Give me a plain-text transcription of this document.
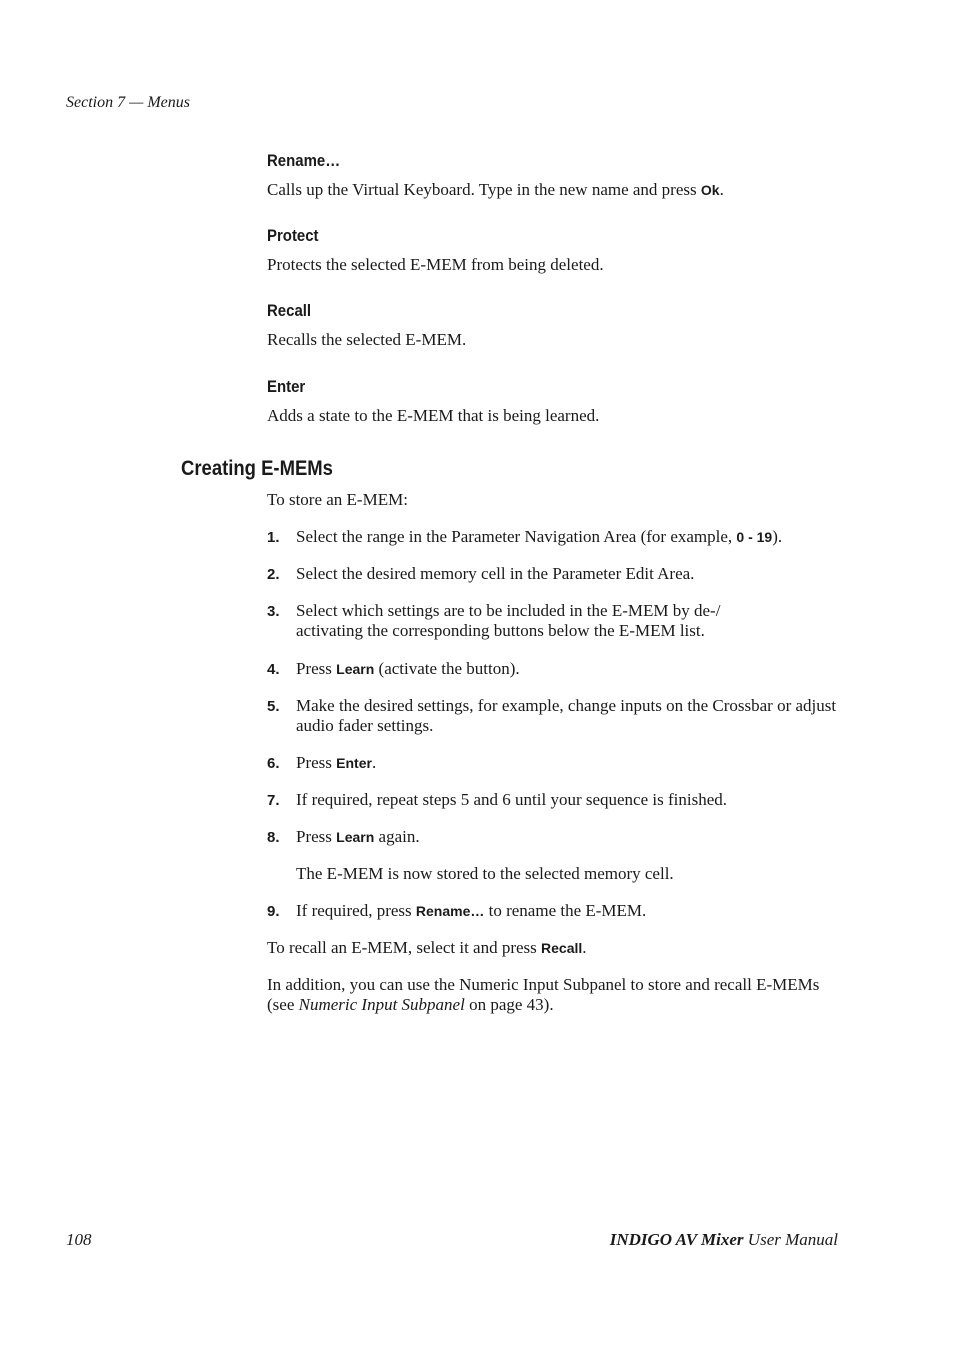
Section 7 — Menus
Rename…
Calls up the Virtual Keyboard. Type in the new name and press Ok.
Protect
Protects the selected E-MEM from being deleted.
Recall
Recalls the selected E-MEM.
Enter
Adds a state to the E-MEM that is being learned.
Creating E-MEMs
To store an E-MEM:
1. Select the range in the Parameter Navigation Area (for example, 0 - 19).
2. Select the desired memory cell in the Parameter Edit Area.
3. Select which settings are to be included in the E-MEM by de-/ activating the corresponding buttons below the E-MEM list.
4. Press Learn (activate the button).
5. Make the desired settings, for example, change inputs on the Crossbar or adjust audio fader settings.
6. Press Enter.
7. If required, repeat steps 5 and 6 until your sequence is finished.
8. Press Learn again.
The E-MEM is now stored to the selected memory cell.
9. If required, press Rename… to rename the E-MEM.
To recall an E-MEM, select it and press Recall.
In addition, you can use the Numeric Input Subpanel to store and recall E-MEMs (see Numeric Input Subpanel on page 43).
108	INDIGO AV Mixer User Manual
